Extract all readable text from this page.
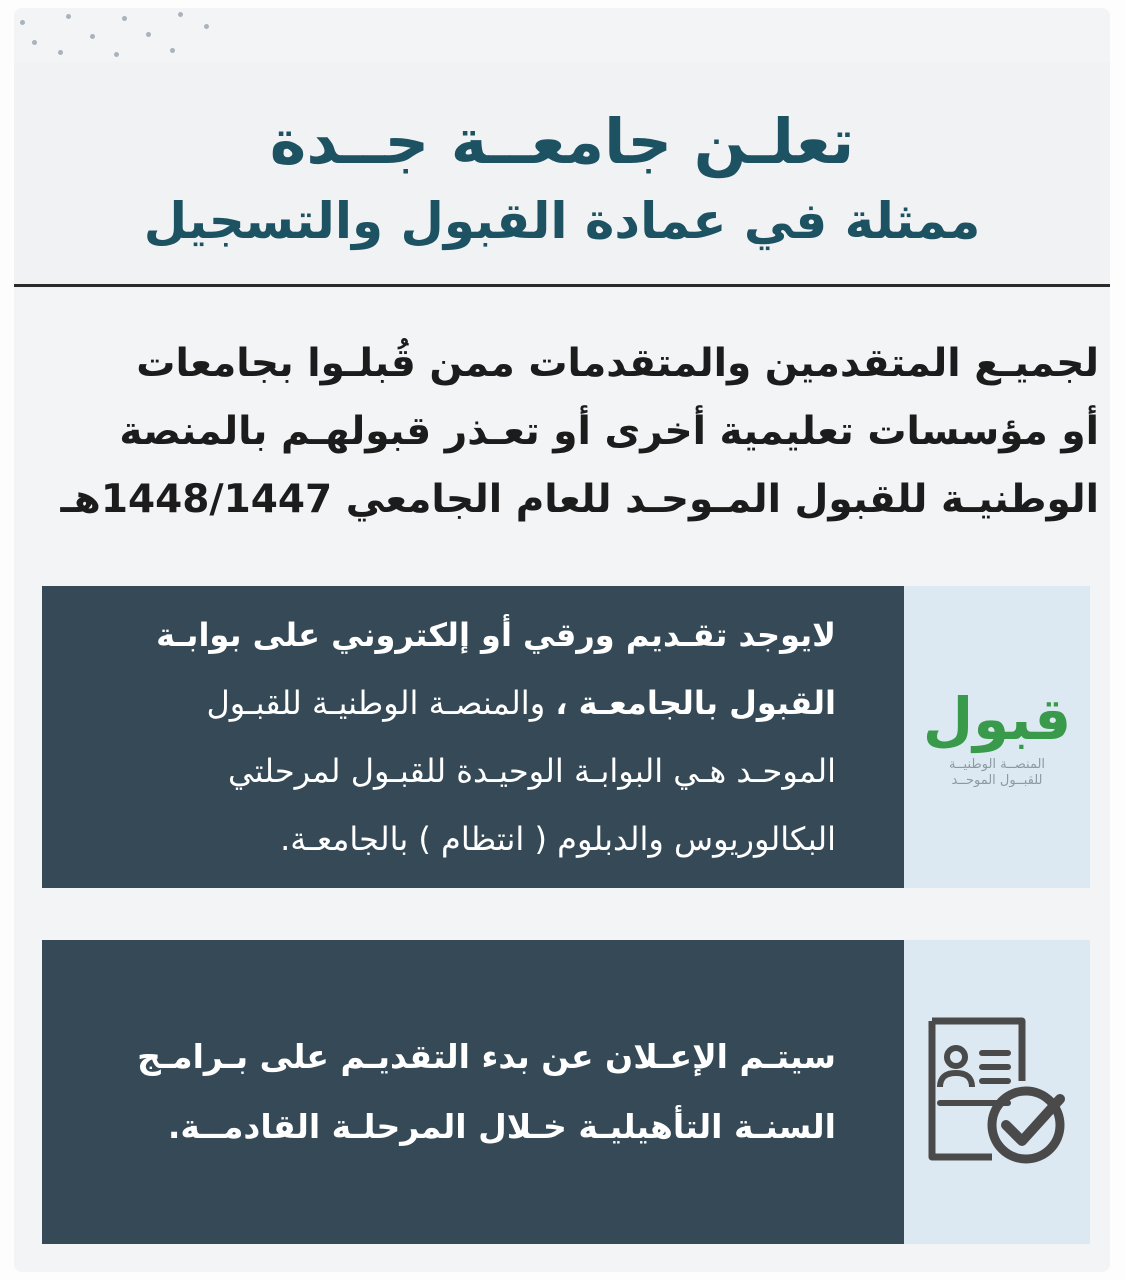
تعلـن جامعــة جــدة
ممثلة في عمادة القبول والتسجيل

لجميـع المتقدمين والمتقدمات ممن قُبلـوا بجامعات

أو مؤسسات تعليمية أخرى أو تعـذر قبولهـم بالمنصة

الوطنيـة للقبول المـوحـد للعام الجامعي 1448/1447هـ

قبول

المنصــة الوطنيــة

للقبــول الموحــد

لايوجد تقـديم ورقي أو إلكتروني على بوابـة

القبول بالجامعـة ، والمنصـة الوطنيـة للقبـول

الموحـد هـي البوابـة الوحيـدة للقبـول لمرحلتي

البكالوريوس والدبلوم ( انتظام ) بالجامعـة.

سيتـم الإعـلان عن بدء التقديـم على بـرامـج

السنـة التأهيليـة خـلال المرحلـة القادمــة.
